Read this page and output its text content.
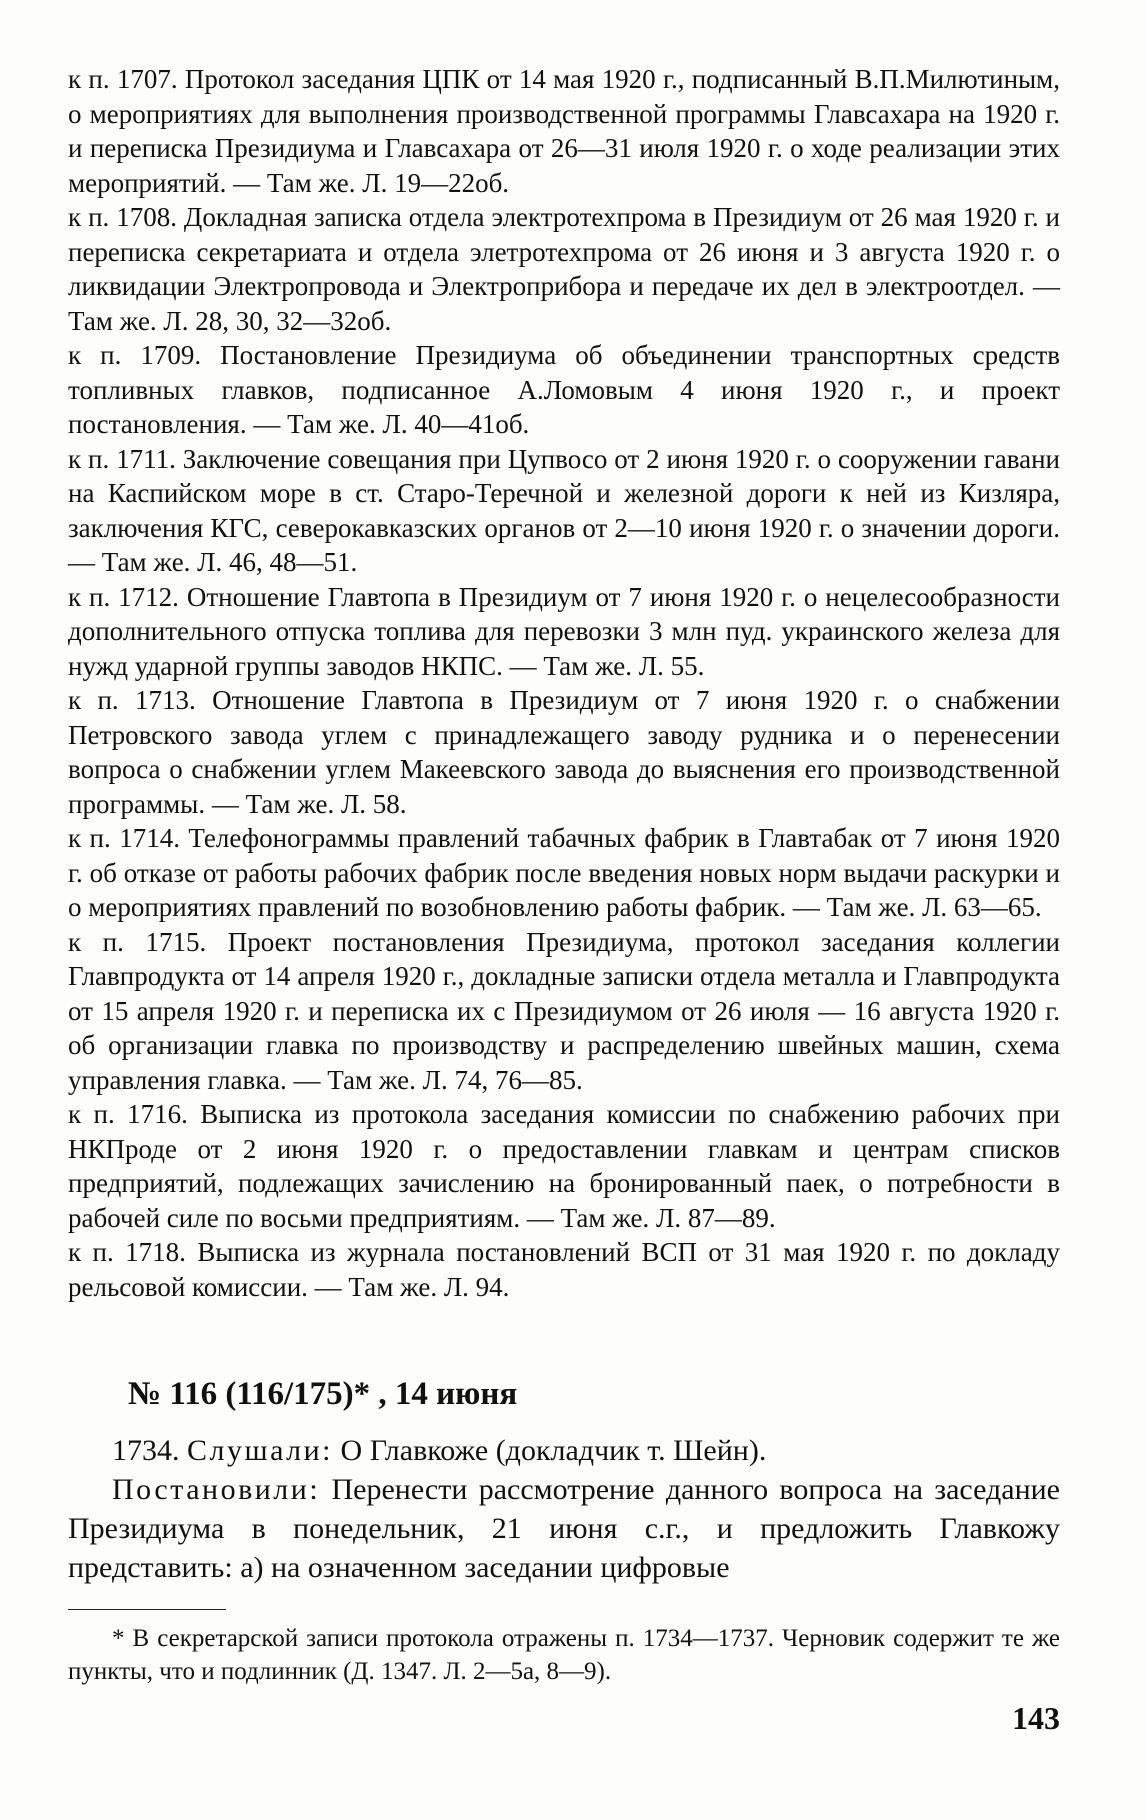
к п. 1707. Протокол заседания ЦПК от 14 мая 1920 г., подписанный В.П.Милютиным, о мероприятиях для выполнения производственной программы Главсахара на 1920 г. и переписка Президиума и Главсахара от 26—31 июля 1920 г. о ходе реализации этих мероприятий. — Там же. Л. 19—22об.

к п. 1708. Докладная записка отдела электротехпрома в Президиум от 26 мая 1920 г. и переписка секретариата и отдела элетротехпрома от 26 июня и 3 августа 1920 г. о ликвидации Электропровода и Электроприбора и передаче их дел в электроотдел. — Там же. Л. 28, 30, 32—32об.

к п. 1709. Постановление Президиума об объединении транспортных средств топливных главков, подписанное А.Ломовым 4 июня 1920 г., и проект постановления. — Там же. Л. 40—41об.

к п. 1711. Заключение совещания при Цупвосо от 2 июня 1920 г. о сооружении гавани на Каспийском море в ст. Старо-Теречной и железной дороги к ней из Кизляра, заключения КГС, северокавказских органов от 2—10 июня 1920 г. о значении дороги. — Там же. Л. 46, 48—51.

к п. 1712. Отношение Главтопа в Президиум от 7 июня 1920 г. о нецелесообразности дополнительного отпуска топлива для перевозки 3 млн пуд. украинского железа для нужд ударной группы заводов НКПС. — Там же. Л. 55.

к п. 1713. Отношение Главтопа в Президиум от 7 июня 1920 г. о снабжении Петровского завода углем с принадлежащего заводу рудника и о перенесении вопроса о снабжении углем Макеевского завода до выяснения его производственной программы. — Там же. Л. 58.

к п. 1714. Телефонограммы правлений табачных фабрик в Главтабак от 7 июня 1920 г. об отказе от работы рабочих фабрик после введения новых норм выдачи раскурки и о мероприятиях правлений по возобновлению работы фабрик. — Там же. Л. 63—65.

к п. 1715. Проект постановления Президиума, протокол заседания коллегии Главпродукта от 14 апреля 1920 г., докладные записки отдела металла и Главпродукта от 15 апреля 1920 г. и переписка их с Президиумом от 26 июля — 16 августа 1920 г. об организации главка по производству и распределению швейных машин, схема управления главка. — Там же. Л. 74, 76—85.

к п. 1716. Выписка из протокола заседания комиссии по снабжению рабочих при НКПроде от 2 июня 1920 г. о предоставлении главкам и центрам списков предприятий, подлежащих зачислению на бронированный паек, о потребности в рабочей силе по восьми предприятиям. — Там же. Л. 87—89.

к п. 1718. Выписка из журнала постановлений ВСП от 31 мая 1920 г. по докладу рельсовой комиссии. — Там же. Л. 94.

№ 116 (116/175)* , 14 июня

1734. Слушали: О Главкоже (докладчик т. Шейн).

Постановили: Перенести рассмотрение данного вопроса на заседание Президиума в понедельник, 21 июня с.г., и предложить Главкожу представить: а) на означенном заседании цифровые

* В секретарской записи протокола отражены п. 1734—1737. Черновик содержит те же пункты, что и подлинник (Д. 1347. Л. 2—5а, 8—9).

143
